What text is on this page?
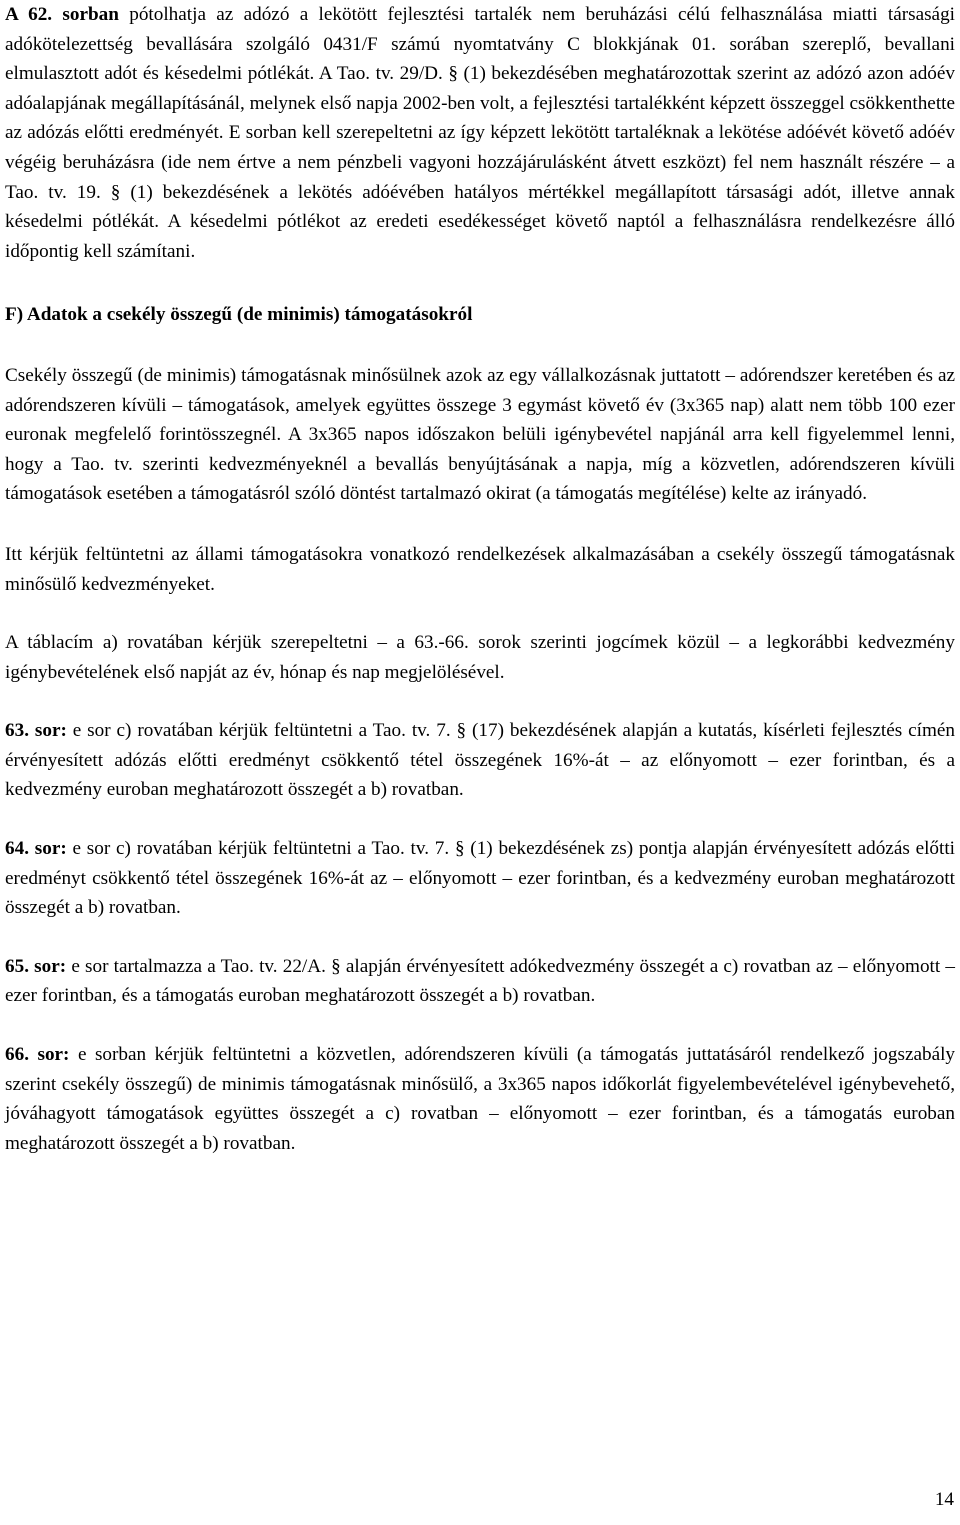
A 62. sorban pótolhatja az adózó a lekötött fejlesztési tartalék nem beruházási célú felhasználása miatti társasági adókötelezettség bevallására szolgáló 0431/F számú nyomtatvány C blokkjának 01. sorában szereplő, bevallani elmulasztott adót és késedelmi pótlékát. A Tao. tv. 29/D. § (1) bekezdésében meghatározottak szerint az adózó azon adóév adóalapjának megállapításánál, melynek első napja 2002-ben volt, a fejlesztési tartalékként képzett összeggel csökkenthette az adózás előtti eredményét. E sorban kell szerepeltetni az így képzett lekötött tartaléknak a lekötése adóévét követő adóév végéig beruházásra (ide nem értve a nem pénzbeli vagyoni hozzájárulásként átvett eszközt) fel nem használt részére – a Tao. tv. 19. § (1) bekezdésének a lekötés adóévében hatályos mértékkel megállapított társasági adót, illetve annak késedelmi pótlékát. A késedelmi pótlékot az eredeti esedékességet követő naptól a felhasználásra rendelkezésre álló időpontig kell számítani.

F) Adatok a csekély összegű (de minimis) támogatásokról

Csekély összegű (de minimis) támogatásnak minősülnek azok az egy vállalkozásnak juttatott – adórendszer keretében és az adórendszeren kívüli – támogatások, amelyek együttes összege 3 egymást követő év (3x365 nap) alatt nem több 100 ezer euronak megfelelő forintösszegnél. A 3x365 napos időszakon belüli igénybevétel napjánál arra kell figyelemmel lenni, hogy a Tao. tv. szerinti kedvezményeknél a bevallás benyújtásának a napja, míg a közvetlen, adórendszeren kívüli támogatások esetében a támogatásról szóló döntést tartalmazó okirat (a támogatás megítélése) kelte az irányadó.

Itt kérjük feltüntetni az állami támogatásokra vonatkozó rendelkezések alkalmazásában a csekély összegű támogatásnak minősülő kedvezményeket.

A táblacím a) rovatában kérjük szerepeltetni – a 63.-66. sorok szerinti jogcímek közül – a legkorábbi kedvezmény igénybevételének első napját az év, hónap és nap megjelölésével.

63. sor: e sor c) rovatában kérjük feltüntetni a Tao. tv. 7. § (17) bekezdésének alapján a kutatás, kísérleti fejlesztés címén érvényesített adózás előtti eredményt csökkentő tétel összegének 16%-át – az előnyomott – ezer forintban, és a kedvezmény euroban meghatározott összegét a b) rovatban.

64. sor: e sor c) rovatában kérjük feltüntetni a Tao. tv. 7. § (1) bekezdésének zs) pontja alapján érvényesített adózás előtti eredményt csökkentő tétel összegének 16%-át az – előnyomott – ezer forintban, és a kedvezmény euroban meghatározott összegét a b) rovatban.

65. sor: e sor tartalmazza a Tao. tv. 22/A. § alapján érvényesített adókedvezmény összegét a c) rovatban az – előnyomott – ezer forintban, és a támogatás euroban meghatározott összegét a b) rovatban.

66. sor: e sorban kérjük feltüntetni a közvetlen, adórendszeren kívüli (a támogatás juttatásáról rendelkező jogszabály szerint csekély összegű) de minimis támogatásnak minősülő, a 3x365 napos időkorlát figyelembevételével igénybevehető, jóváhagyott támogatások együttes összegét a c) rovatban – előnyomott – ezer forintban, és a támogatás euroban meghatározott összegét a b) rovatban.

14
